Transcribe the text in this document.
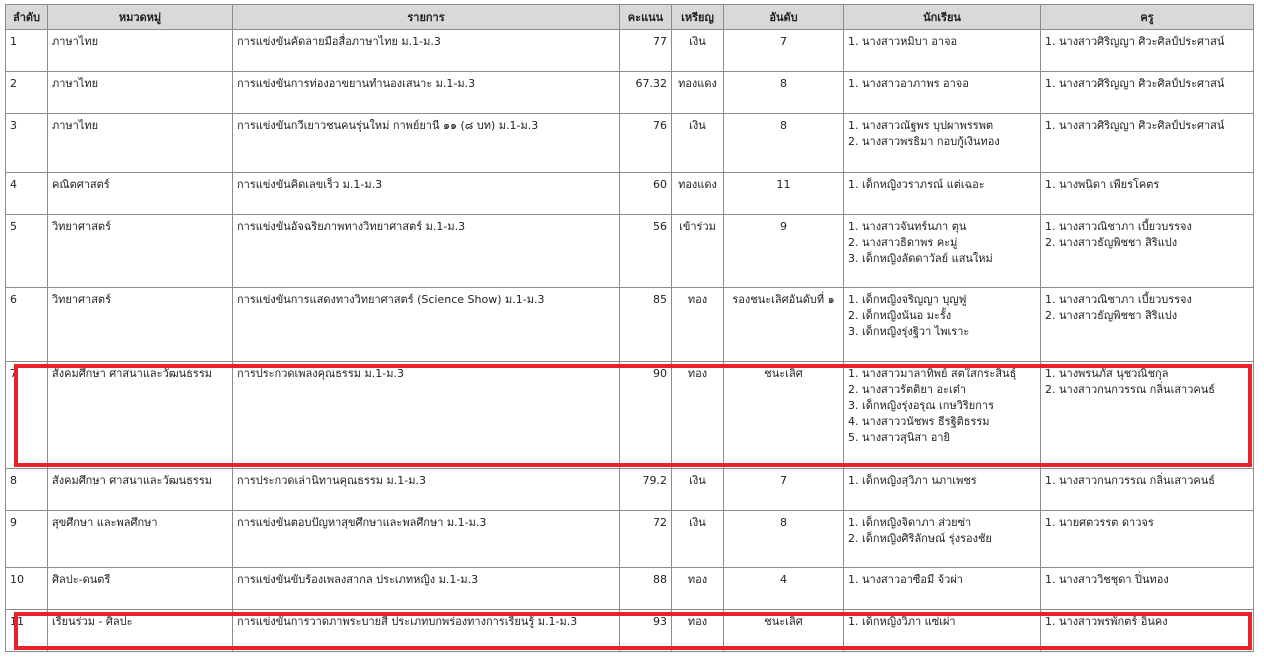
ลำดับ	หมวดหมู่	รายการ	คะแนน	เหรียญ	อันดับ	นักเรียน	ครู
1	ภาษาไทย	การแข่งขันคัดลายมือสื่อภาษาไทย ม.1-ม.3	77	เงิน	7	1. นางสาวหมิบา อาจอ	1. นางสาวศิริญญา ศิวะศิลป์ประศาสน์

2	ภาษาไทย	การแข่งขันการท่องอาขยานทำนองเสนาะ ม.1-ม.3	67.32	ทองแดง	8	1. นางสาวอาภาพร อาจอ	1. นางสาวศิริญญา ศิวะศิลป์ประศาสน์

3	ภาษาไทย	การแข่งขันกวีเยาวชนคนรุ่นใหม่ กาพย์ยานี ๑๑ (๘ บท) ม.1-ม.3	76	เงิน	8	1. นางสาวณัฐพร บุปผาพรรพต
2. นางสาวพรธิมา กอบกู้เงินทอง	1. นางสาวศิริญญา ศิวะศิลป์ประศาสน์

4	คณิตศาสตร์	การแข่งขันคิดเลขเร็ว ม.1-ม.3	60	ทองแดง	11	1. เด็กหญิงวราภรณ์ แต่เฉอะ	1. นางพนิดา เพียรโคตร

5	วิทยาศาสตร์	การแข่งขันอัจฉริยภาพทางวิทยาศาสตร์ ม.1-ม.3	56	เข้าร่วม	9	1. นางสาวจันทร์นภา ตุน
2. นางสาวธิดาพร คะมู่
3. เด็กหญิงลัดดาวัลย์ แสนใหม่	1. นางสาวณิชาภา เบี้ยวบรรจง
2. นางสาวธัญพิชชา สิริแปง

6	วิทยาศาสตร์	การแข่งขันการแสดงทางวิทยาศาสตร์ (Science Show) ม.1-ม.3	85	ทอง	รองชนะเลิศอันดับที่ ๑	1. เด็กหญิงจริญญา บุญฟู
2. เด็กหญิงนันอ มะรั้ง
3. เด็กหญิงรุ่งฐิวา ไพเราะ	1. นางสาวณิชาภา เบี้ยวบรรจง
2. นางสาวธัญพิชชา สิริแปง

7	สังคมศึกษา ศาสนาและวัฒนธรรม	การประกวดเพลงคุณธรรม ม.1-ม.3	90	ทอง	ชนะเลิศ	1. นางสาวมาลาทิพย์ สตใสกระสินธุ์
2. นางสาวรัตติยา อะเต๋า
3. เด็กหญิงรุ่งอรุณ เกษวิริยการ
4. นางสาววนัชพร ธีรฐิติธรรม
5. นางสาวสุนิสา อายิ	1. นางพรนภัส นุชวณิชกุล
2. นางสาวกนกวรรณ กลิ่นเสาวคนธ์

8	สังคมศึกษา ศาสนาและวัฒนธรรม	การประกวดเล่านิทานคุณธรรม ม.1-ม.3	79.2	เงิน	7	1. เด็กหญิงสุวิภา นภาเพชร	1. นางสาวกนกวรรณ กลิ่นเสาวคนธ์

9	สุขศึกษา และพลศึกษา	การแข่งขันตอบปัญหาสุขศึกษาและพลศึกษา ม.1-ม.3	72	เงิน	8	1. เด็กหญิงจิดาภา ส่วยซ่า
2. เด็กหญิงศิริลักษณ์ รุ่งรองชัย	1. นายศตวรรต ดาวจร

10	ศิลปะ-ดนตรี	การแข่งขันขับร้องเพลงสากล ประเภทหญิง ม.1-ม.3	88	ทอง	4	1. นางสาวอาซือมี จ้วผ่า	1. นางสาววิชชุดา ปิ่นทอง

11	เรียนร่วม - ศิลปะ	การแข่งขันการวาดภาพระบายสี ประเภทบกพร่องทางการเรียนรู้ ม.1-ม.3	93	ทอง	ชนะเลิศ	1. เด็กหญิงวิภา แซ่เผ่า	1. นางสาวพรพักตร์ อินคง
